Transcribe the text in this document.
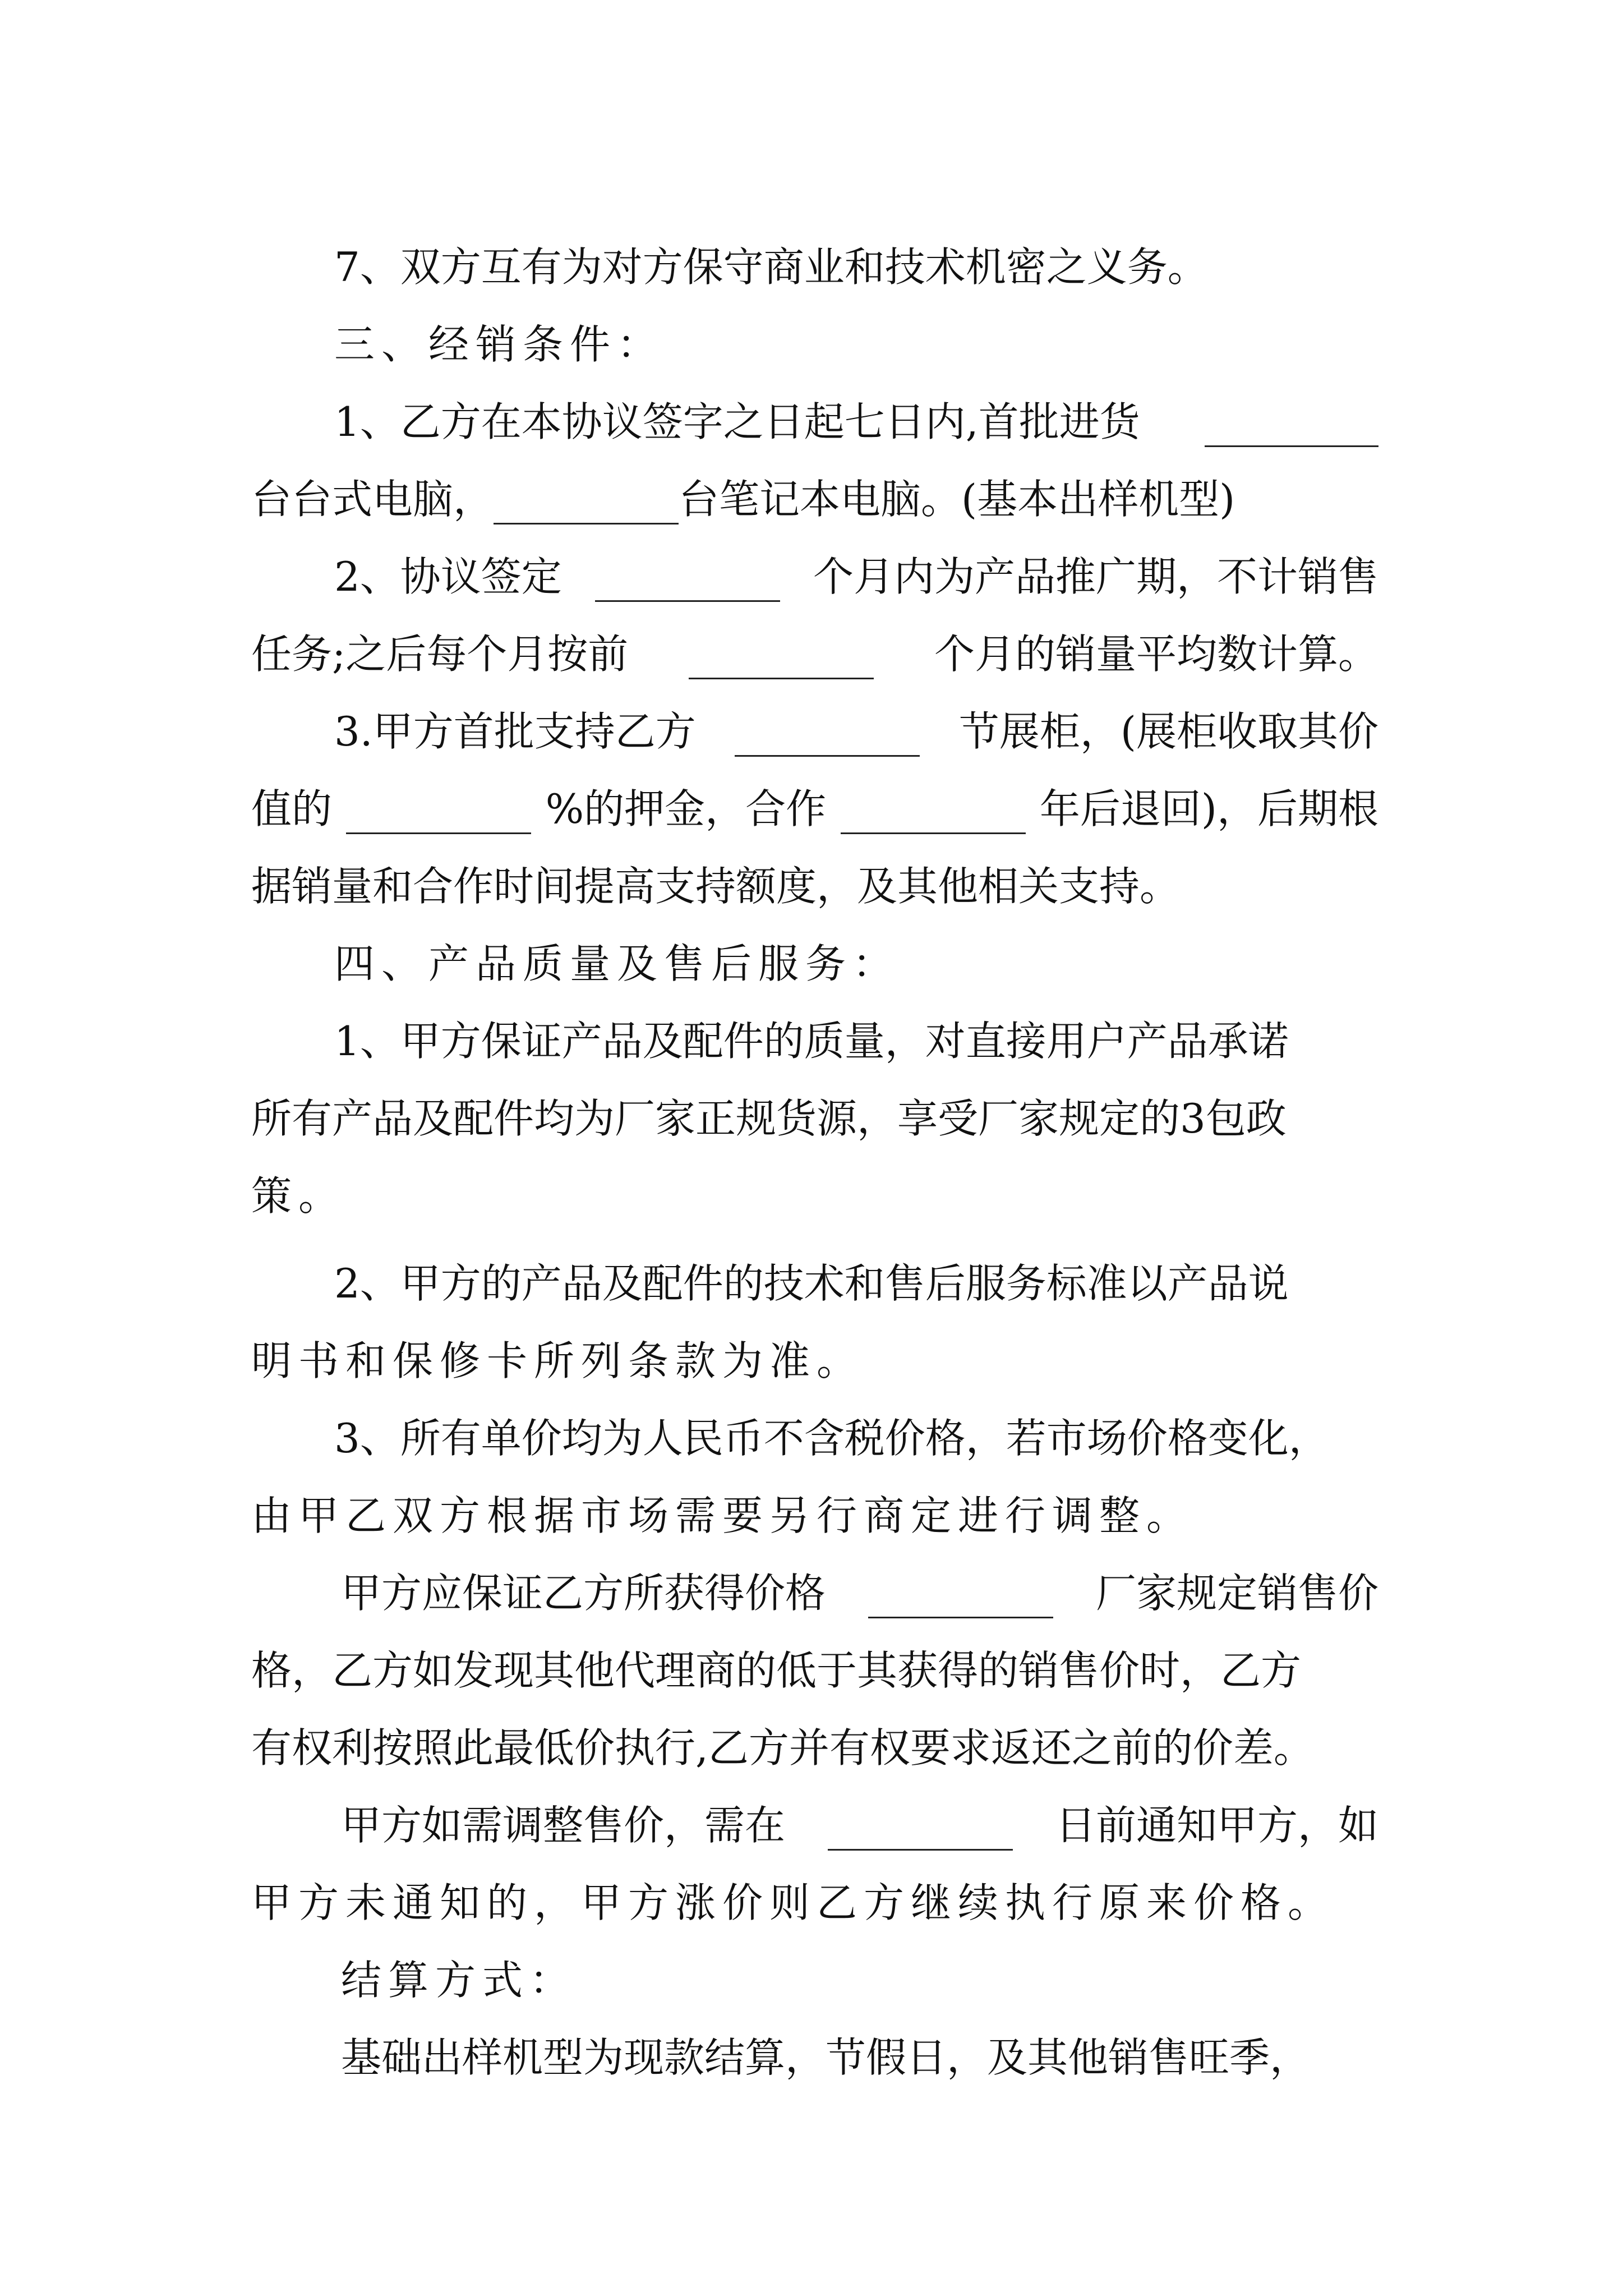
7、双方互有为对方保守商业和技术机密之义务。
三、经销条件：
1、乙方在本协议签字之日起七日内,首批进货
台台式电脑，	台笔记本电脑。(基本出样机型)
2、协议签定	个月内为产品推广期，不计销售
任务;之后每个月按前	个月的销量平均数计算。
3.甲方首批支持乙方	节展柜，(展柜收取其价
值的	%的押金，合作	年后退回)，后期根
据销量和合作时间提高支持额度，及其他相关支持。
四、产品质量及售后服务：
1、甲方保证产品及配件的质量，对直接用户产品承诺
所有产品及配件均为厂家正规货源，享受厂家规定的3包政
策。
2、甲方的产品及配件的技术和售后服务标准以产品说
明书和保修卡所列条款为准。
3、所有单价均为人民币不含税价格，若市场价格变化，
由甲乙双方根据市场需要另行商定进行调整。
甲方应保证乙方所获得价格	厂家规定销售价
格，乙方如发现其他代理商的低于其获得的销售价时，乙方
有权利按照此最低价执行,乙方并有权要求返还之前的价差。
甲方如需调整售价，需在	日前通知甲方，如
甲方未通知的，甲方涨价则乙方继续执行原来价格。
结算方式：
基础出样机型为现款结算，节假日，及其他销售旺季，
